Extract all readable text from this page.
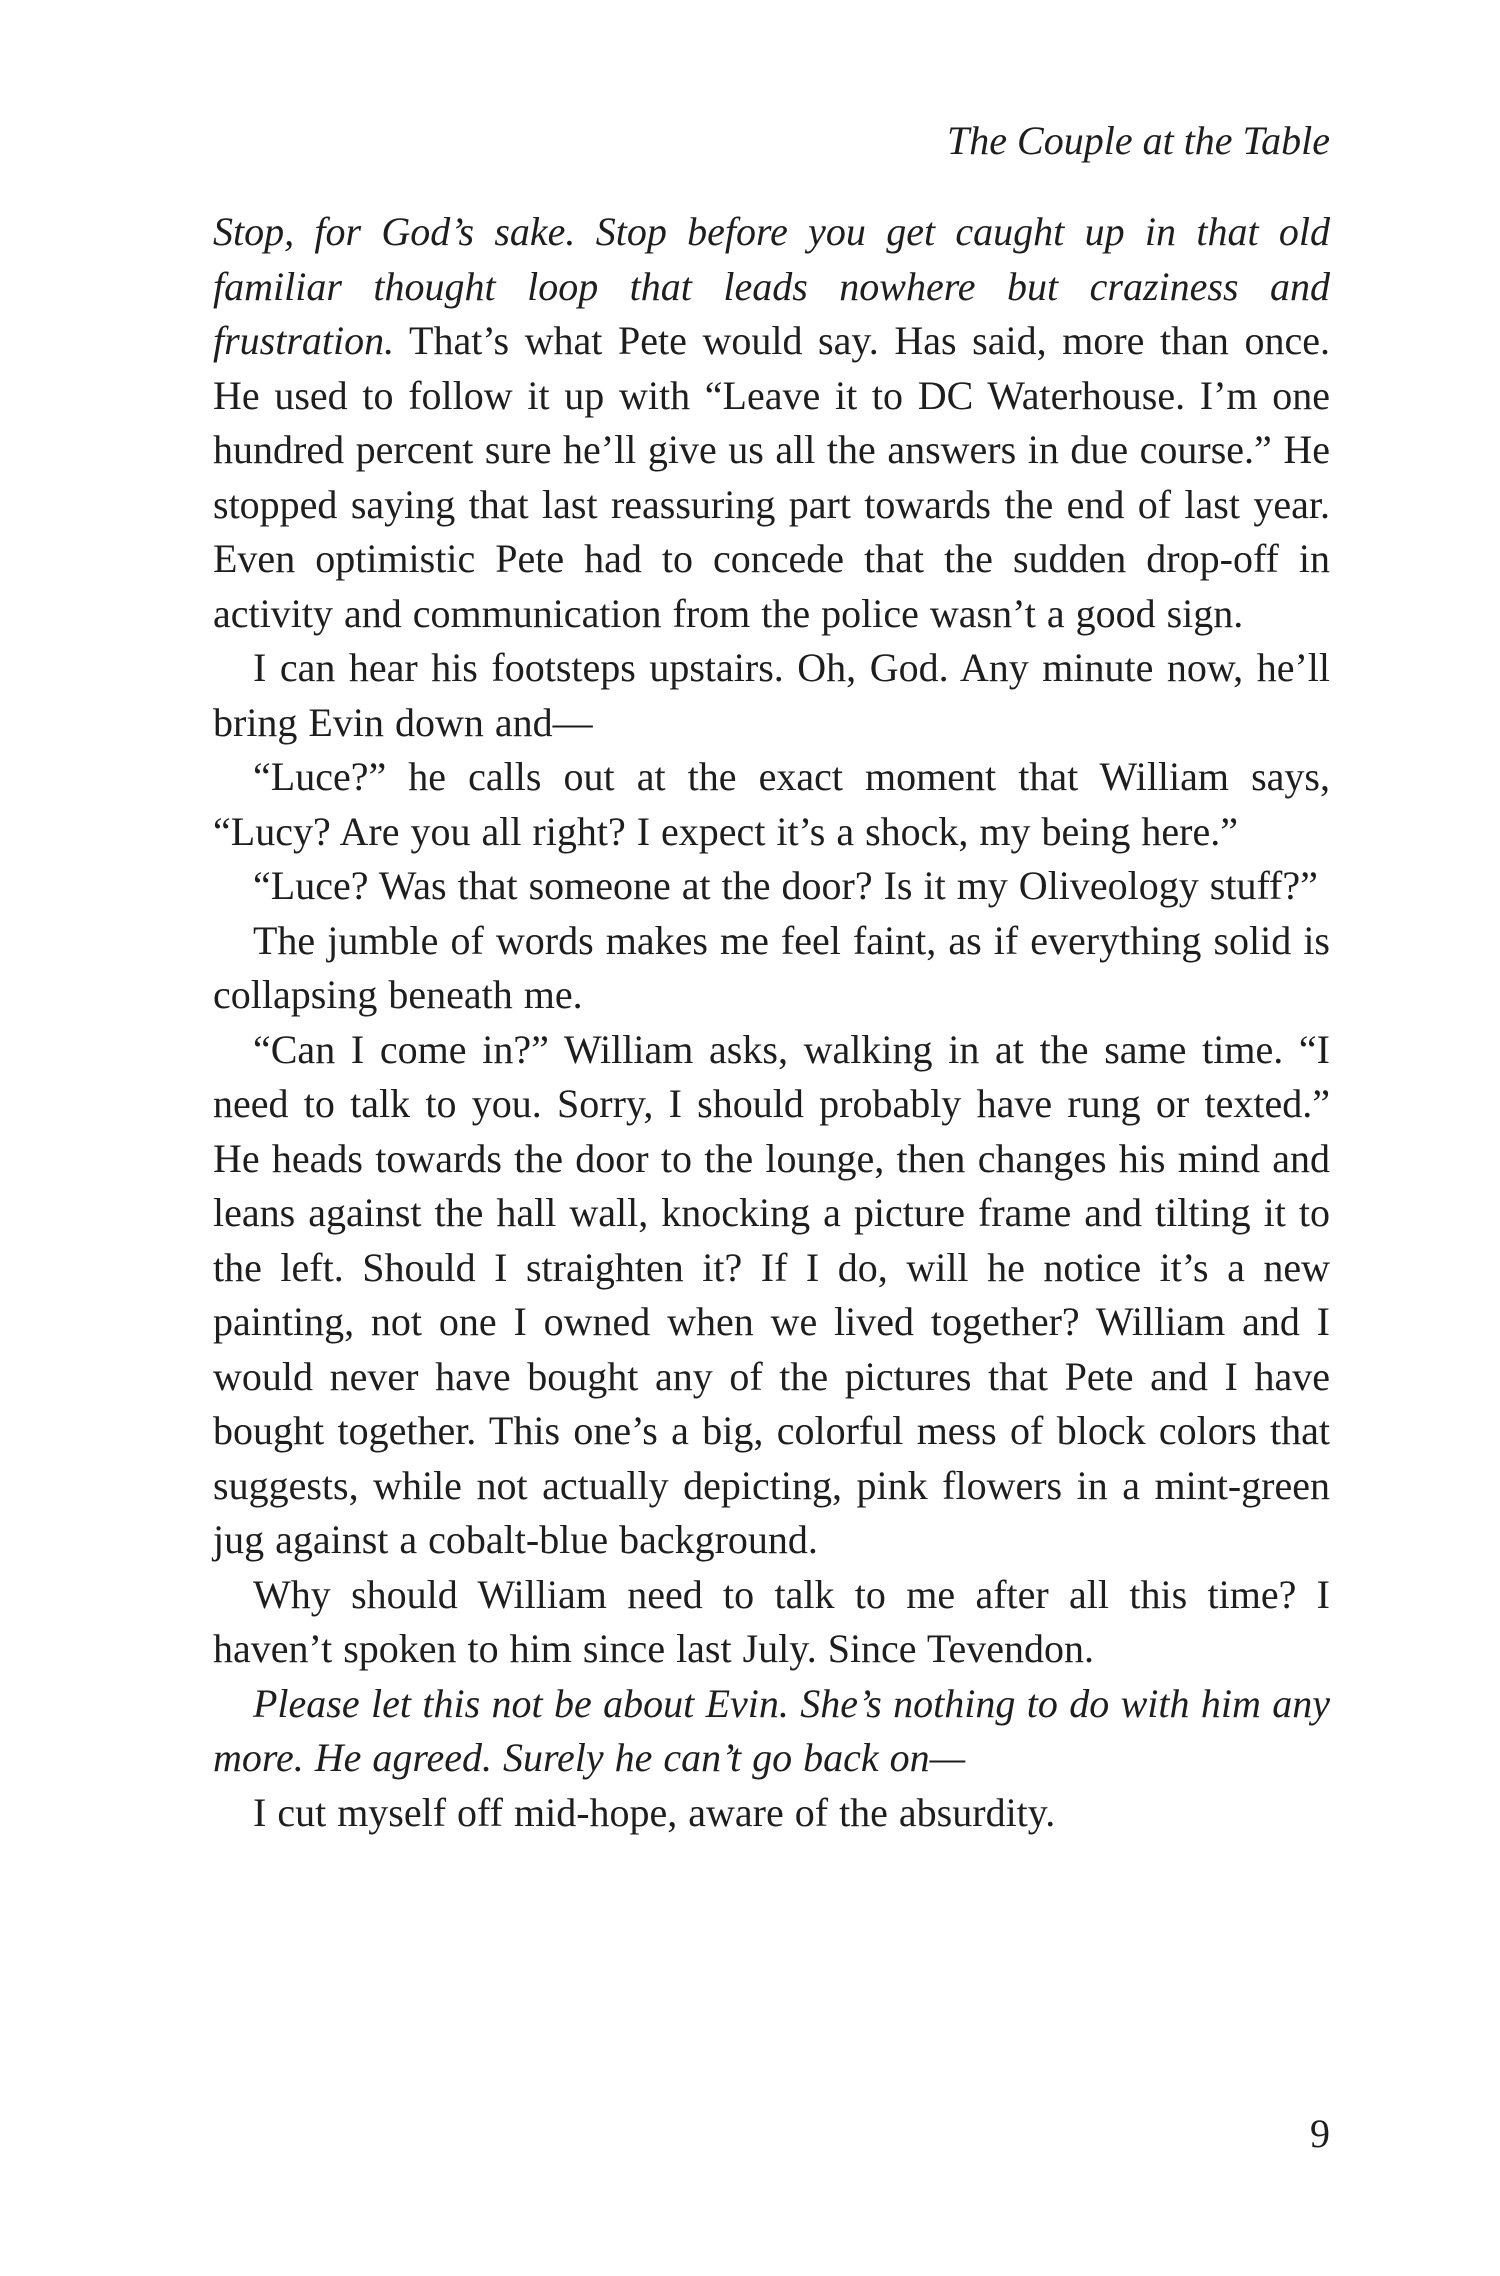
The Couple at the Table

Stop, for God’s sake. Stop before you get caught up in that old familiar thought loop that leads nowhere but craziness and frustration. That’s what Pete would say. Has said, more than once. He used to follow it up with “Leave it to DC Waterhouse. I’m one hundred percent sure he’ll give us all the answers in due course.” He stopped saying that last reassuring part towards the end of last year. Even optimistic Pete had to concede that the sudden drop-off in activity and communication from the police wasn’t a good sign.

I can hear his footsteps upstairs. Oh, God. Any minute now, he’ll bring Evin down and—

“Luce?” he calls out at the exact moment that William says, “Lucy? Are you all right? I expect it’s a shock, my being here.”

“Luce? Was that someone at the door? Is it my Oliveology stuff?”

The jumble of words makes me feel faint, as if everything solid is collapsing beneath me.

“Can I come in?” William asks, walking in at the same time. “I need to talk to you. Sorry, I should probably have rung or texted.” He heads towards the door to the lounge, then changes his mind and leans against the hall wall, knocking a picture frame and tilting it to the left. Should I straighten it? If I do, will he notice it’s a new painting, not one I owned when we lived together? William and I would never have bought any of the pictures that Pete and I have bought together. This one’s a big, colorful mess of block colors that suggests, while not actually depicting, pink flowers in a mint-green jug against a cobalt-blue background.

Why should William need to talk to me after all this time? I haven’t spoken to him since last July. Since Tevendon.

Please let this not be about Evin. She’s nothing to do with him any more. He agreed. Surely he can’t go back on—

I cut myself off mid-hope, aware of the absurdity.

9
